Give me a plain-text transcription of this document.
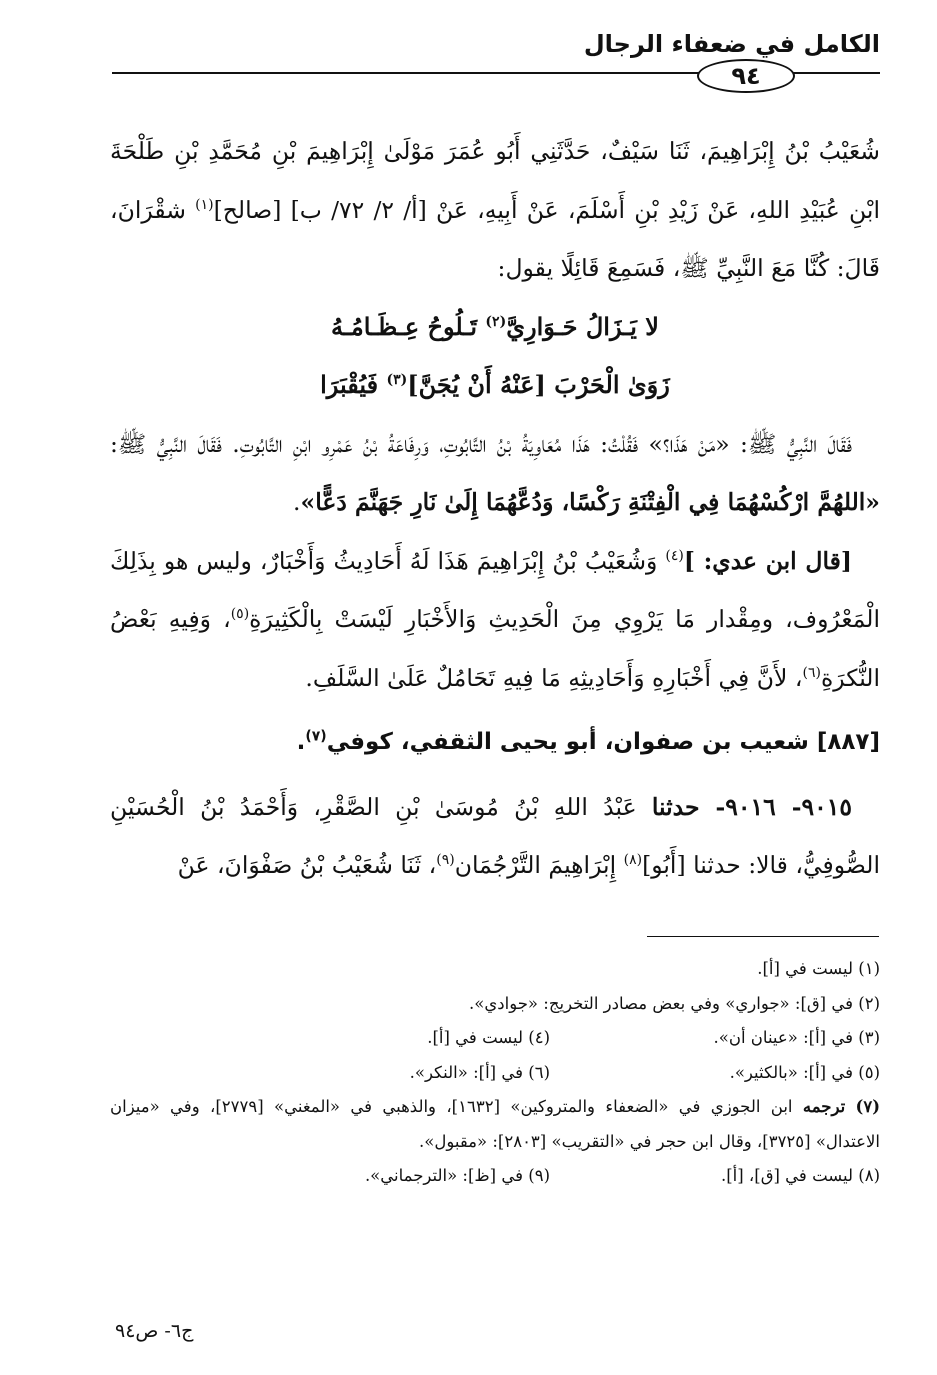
الكامل في ضعفاء الرجال
٩٤

شُعَيْبُ بْنُ إِبْرَاهِيمَ، ثَنَا سَيْفٌ، حَدَّثَنِي أَبُو عُمَرَ مَوْلَىٰ إِبْرَاهِيمَ بْنِ مُحَمَّدِ بْنِ طَلْحَةَ ابْنِ عُبَيْدِ اللهِ، عَنْ زَيْدِ بْنِ أَسْلَمَ، عَنْ أَبِيهِ، عَنْ [أ/ ٢/ ٧٢/ ب] [صالح]$^{(١)}$ شقْرَانَ، قَالَ: كُنَّا مَعَ النَّبِيِّ ﷺ، فَسَمِعَ قَائِلًا يقول:

لا يَـزَالُ حَـوَارِيَّ$^{(٢)}$ تَـلُوحُ عِـظَـامُـهُ زَوَىٰ الْحَرْبَ [عَنْهُ أَنْ يُجَنَّ]$^{(٣)}$ فَيُقْبَرَا

فَقَالَ النَّبِيُّ ﷺ: «مَنْ هَذَا؟» فَقُلْتُ: هَذَا مُعَاوِيَةُ بْنُ التَّابُوتِ، وَرِفَاعَةُ بْنُ عَمْرِو ابْنِ التَّابُوتِ. فَقَالَ النَّبِيُّ ﷺ: «اللهُمَّ ارْكُسْهُمَا فِي الْفِتْنَةِ رَكْسًا، وَدُعَّهُمَا إِلَىٰ نَارِ جَهَنَّمَ دَعًّا».

[قال ابن عدي: ]$^{(٤)}$ وَشُعَيْبُ بْنُ إِبْرَاهِيمَ هَذَا لَهُ أَحَادِيثُ وَأَخْبَارٌ، وليس هو بِذَلِكَ الْمَعْرُوف، ومِقْدار مَا يَرْوِي مِنَ الْحَدِيثِ وَالأَخْبَارِ لَيْسَتْ بِالْكَثِيرَةِ$^{(٥)}$، وَفِيهِ بَعْضُ النُّكرَةِ$^{(٦)}$، لأَنَّ فِي أَخْبَارِهِ وَأَحَادِيثِهِ مَا فِيهِ تَحَامُلٌ عَلَىٰ السَّلَفِ.

[٨٨٧] شعيب بن صفوان، أبو يحيى الثقفي، كوفي$^{(٧)}$.

٩٠١٥- ٩٠١٦- حدثنا عَبْدُ اللهِ بْنُ مُوسَىٰ بْنِ الصَّقْرِ، وَأَحْمَدُ بْنُ الْحُسَيْنِ الصُّوفِيُّ، قالا: حدثنا [أَبُو]$^{(٨)}$ إِبْرَاهِيمَ التَّرْجُمَان$^{(٩)}$، ثَنَا شُعَيْبُ بْنُ صَفْوَانَ، عَنْ

(١) ليست في [أ].
(٢) في [ق]: «جواري» وفي بعض مصادر التخريج: «جوادي».
(٣) في [أ]: «عينان أن».
(٤) ليست في [أ].
(٥) في [أ]: «بالكثير».
(٦) في [أ]: «النكر».
(٧) ترجمه ابن الجوزي في «الضعفاء والمتروكين» [١٦٣٢]، والذهبي في «المغني» [٢٧٧٩]، وفي «ميزان الاعتدال» [٣٧٢٥]، وقال ابن حجر في «التقريب» [٢٨٠٣]: «مقبول».
(٨) ليست في [ق]، [أ].
(٩) في [ظ]: «الترجماني».
ج٦- ص٩٤
